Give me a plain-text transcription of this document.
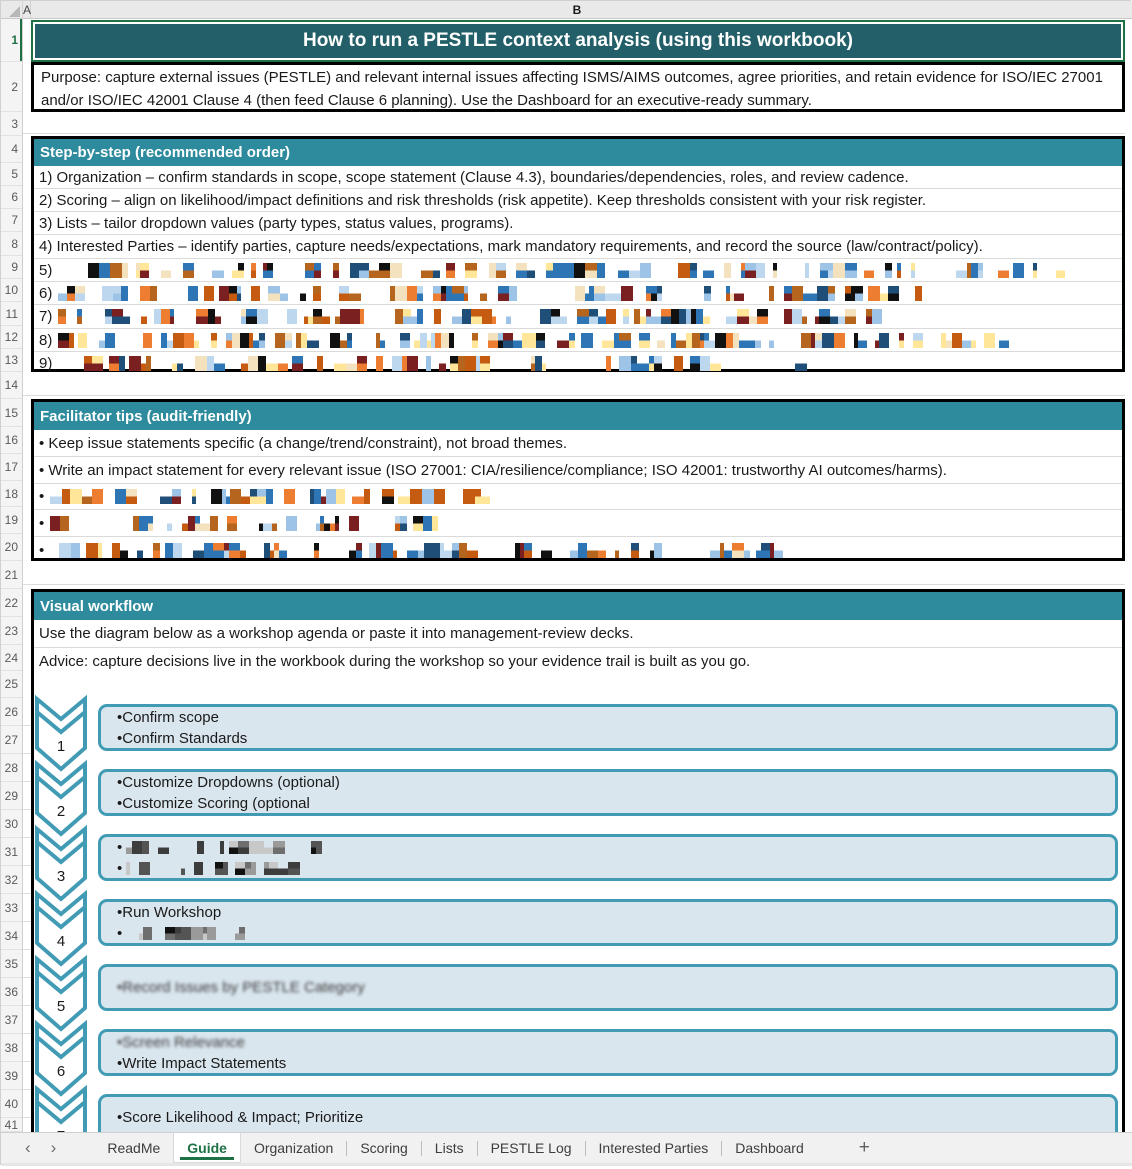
A	B
1
2
3
4
5
6
7
8
9
10
11
12
13
14
15
16
17
18
19
20
21
22
23
24
25
26
27
28
29
30
31
32
33
34
35
36
37
38
39
40
41
How to run a PESTLE context analysis (using this workbook)
Purpose: capture external issues (PESTLE) and relevant internal issues affecting ISMS/AIMS outcomes, agree priorities, and retain evidence for ISO/IEC 27001 and/or ISO/IEC 42001 Clause 4 (then feed Clause 6 planning). Use the Dashboard for an executive-ready summary.
Step-by-step (recommended order)
1) Organization – confirm standards in scope, scope statement (Clause 4.3), boundaries/dependencies, roles, and review cadence.
2) Scoring – align on likelihood/impact definitions and risk thresholds (risk appetite). Keep thresholds consistent with your risk register.
3) Lists – tailor dropdown values (party types, status values, programs).
4) Interested Parties – identify parties, capture needs/expectations, mark mandatory requirements, and record the source (law/contract/policy).
5)
6)
7)
8)
9)
Facilitator tips (audit-friendly)
• Keep issue statements specific (a change/trend/constraint), not broad themes.
• Write an impact statement for every relevant issue (ISO 27001: CIA/resilience/compliance; ISO 42001: trustworthy AI outcomes/harms).
•
•
•
Visual workflow
Use the diagram below as a workshop agenda or paste it into management-review decks.
Advice: capture decisions live in the workbook during the workshop so your evidence trail is built as you go.
1
•Confirm scope
•Confirm Standards
2
•Customize Dropdowns (optional)
•Customize Scoring (optional
3
•
•
4
•Run Workshop
•
5
•Record Issues by PESTLE Category
6
•Screen Relevance
•Write Impact Statements
•Score Likelihood & Impact; Prioritize
‹	›	ReadMe	Guide	Organization	Scoring	Lists	PESTLE Log	Interested Parties	Dashboard	+
